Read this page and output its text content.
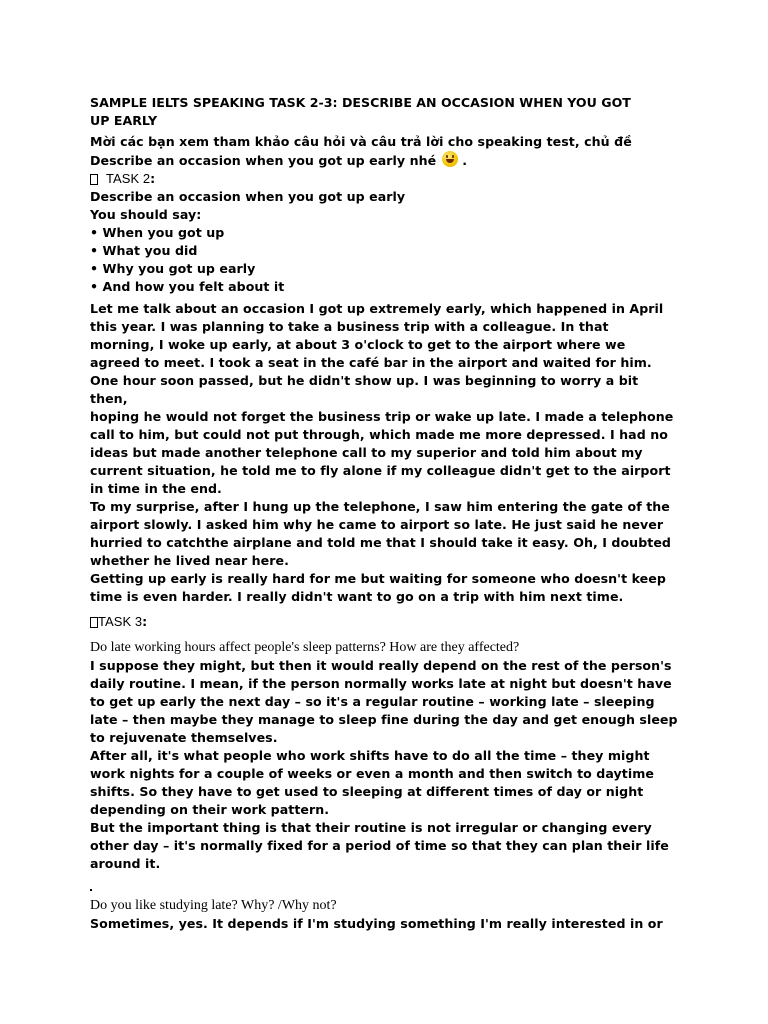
SAMPLE IELTS SPEAKING TASK 2-3: DESCRIBE AN OCCASION WHEN YOU GOT
UP EARLY
Mời các bạn xem tham khảo câu hỏi và câu trả lời cho speaking test, chủ đề
Describe an occasion when you got up early nhé .
TASK 2 :
Describe an occasion when you got up early
You should say:
• When you got up
• What you did
• Why you got up early
• And how you felt about it
Let me talk about an occasion I got up extremely early, which happened in April
this year. I was planning to take a business trip with a colleague. In that
morning, I woke up early, at about 3 o'clock to get to the airport where we
agreed to meet. I took a seat in the café bar in the airport and waited for him.
One hour soon passed, but he didn't show up. I was beginning to worry a bit then,
hoping he would not forget the business trip or wake up late. I made a telephone
call to him, but could not put through, which made me more depressed. I had no
ideas but made another telephone call to my superior and told him about my
current situation, he told me to fly alone if my colleague didn't get to the airport
in time in the end.
To my surprise, after I hung up the telephone, I saw him entering the gate of the
airport slowly. I asked him why he came to airport so late. He just said he never
hurried to catchthe airplane and told me that I should take it easy. Oh, I doubted
whether he lived near here.
Getting up early is really hard for me but waiting for someone who doesn't keep
time is even harder. I really didn't want to go on a trip with him next time.
TASK 3 :
Do late working hours affect people's sleep patterns? How are they affected?
I suppose they might, but then it would really depend on the rest of the person's
daily routine. I mean, if the person normally works late at night but doesn't have
to get up early the next day – so it's a regular routine – working late – sleeping
late – then maybe they manage to sleep fine during the day and get enough sleep
to rejuvenate themselves.
After all, it's what people who work shifts have to do all the time – they might
work nights for a couple of weeks or even a month and then switch to daytime
shifts. So they have to get used to sleeping at different times of day or night
depending on their work pattern.
But the important thing is that their routine is not irregular or changing every
other day – it's normally fixed for a period of time so that they can plan their life
around it.
Do you like studying late? Why? /Why not?
Sometimes, yes. It depends if I'm studying something I'm really interested in or
